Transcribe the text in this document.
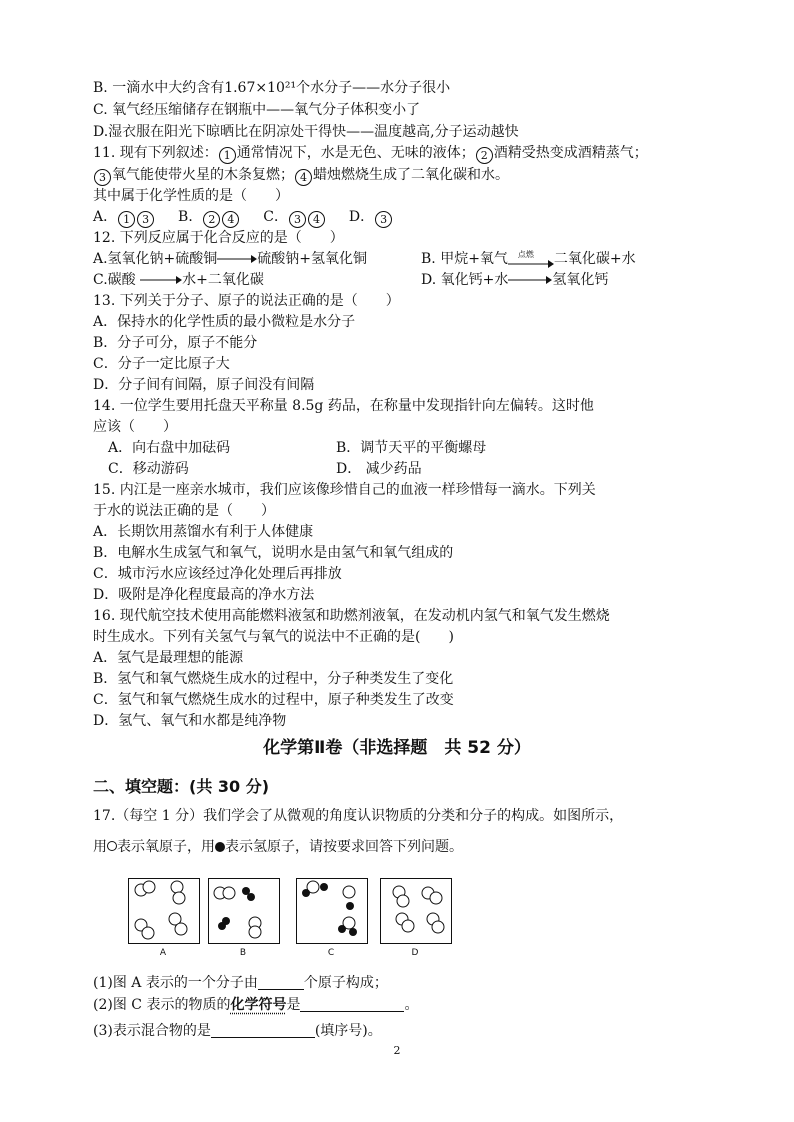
B. 一滴水中大约含有1.67×10²¹个水分子——水分子很小
C. 氧气经压缩储存在钢瓶中——氧气分子体积变小了
D.湿衣服在阳光下晾晒比在阴凉处干得快——温度越高,分子运动越快
11. 现有下列叙述： 1 通常情况下，水是无色、无味的液体； 2 酒精受热变成酒精蒸气；
3 氧气能使带火星的木条复燃； 4 蜡烛燃烧生成了二氧化碳和水。
其中属于化学性质的是（　　）
A． 1 3 B． 2 4 C． 3 4 D． 3
12. 下列反应属于化合反应的是（　　）
A.氢氧化钠+硫酸铜→硫酸钠+氢氧化铜	B. 甲烷+氧气 点燃 二氧化碳+水
C.碳酸 →水+二氧化碳	D. 氧化钙+水→氢氧化钙
13. 下列关于分子、原子的说法正确的是（　　）
A．保持水的化学性质的最小微粒是水分子
B．分子可分，原子不能分
C．分子一定比原子大
D．分子间有间隔，原子间没有间隔
14. 一位学生要用托盘天平称量 8.5g 药品，在称量中发现指针向左偏转。这时他
应该（　　）
A．向右盘中加砝码	B．调节天平的平衡螺母
C．移动游码	D． 减少药品
15. 内江是一座亲水城市，我们应该像珍惜自己的血液一样珍惜每一滴水。下列关
于水的说法正确的是（　　）
A．长期饮用蒸馏水有利于人体健康
B．电解水生成氢气和氧气，说明水是由氢气和氧气组成的
C．城市污水应该经过净化处理后再排放
D．吸附是净化程度最高的净水方法
16. 现代航空技术使用高能燃料液氢和助燃剂液氧，在发动机内氢气和氧气发生燃烧
时生成水。下列有关氢气与氧气的说法中不正确的是(　　)
A．氢气是最理想的能源
B．氢气和氧气燃烧生成水的过程中，分子种类发生了变化
C．氢气和氧气燃烧生成水的过程中，原子种类发生了改变
D．氢气、氧气和水都是纯净物
化学第Ⅱ卷（非选择题　共 52 分）
二、填空题：(共 30 分)
17.（每空 1 分）我们学会了从微观的角度认识物质的分类和分子的构成。如图所示，
用 表示氧原子，用 表示氢原子，请按要求回答下列问题。
A	B	C	D
(1)图 A 表示的一个分子由	个原子构成；
(2)图 C 表示的物质的化学符号是	。
(3)表示混合物的是	(填序号)。
2
